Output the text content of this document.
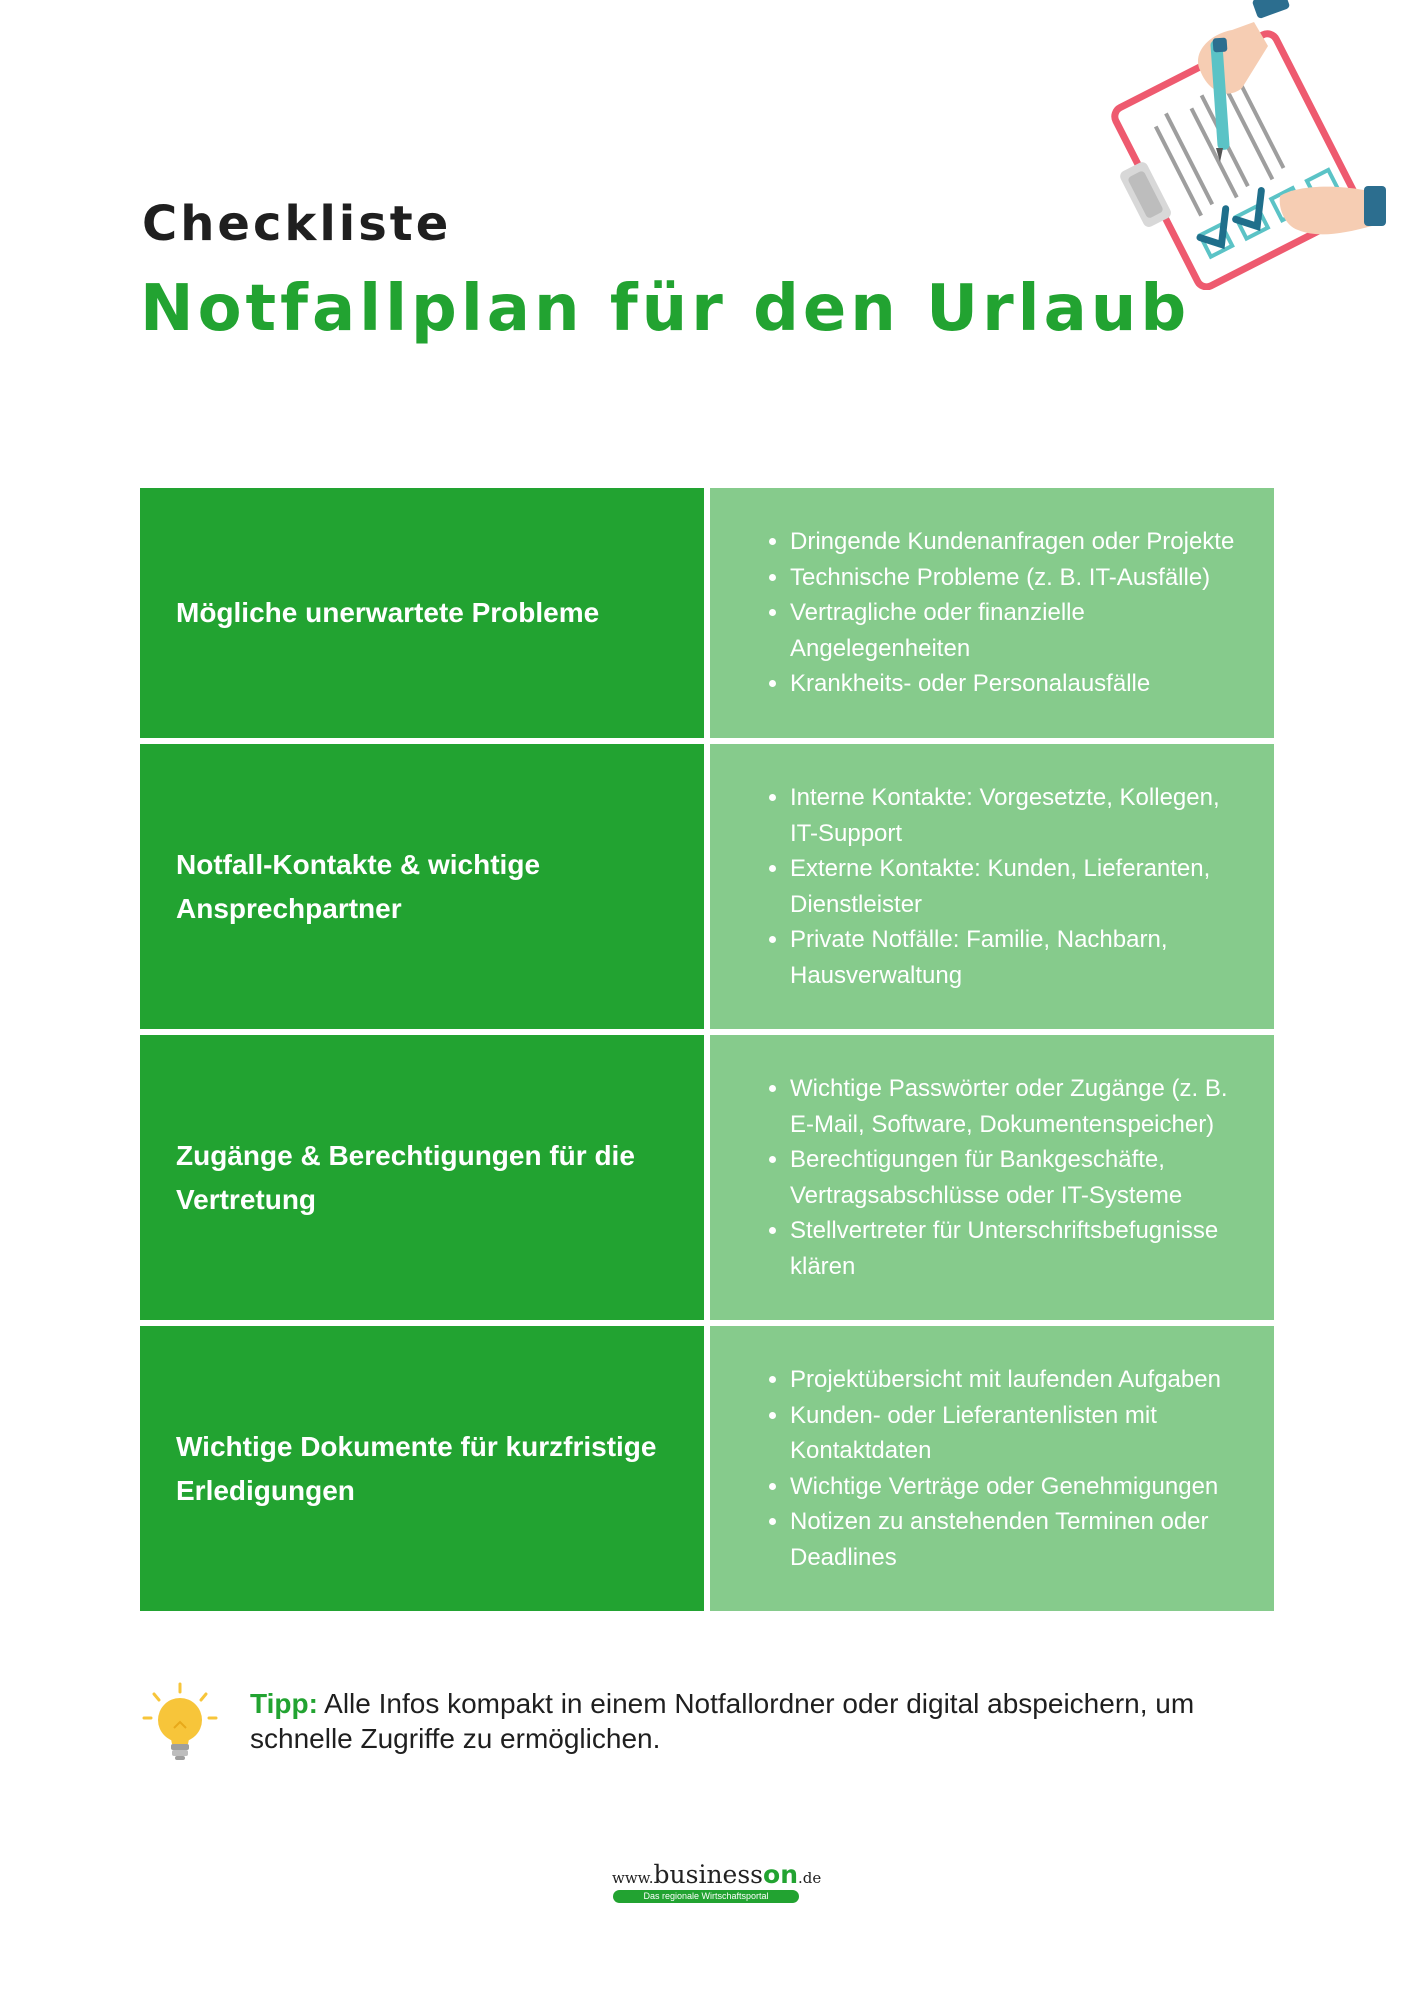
Checkliste
Notfallplan für den Urlaub
Mögliche unerwartete Probleme
• Dringende Kundenanfragen oder Projekte
• Technische Probleme (z. B. IT-Ausfälle)
• Vertragliche oder finanzielle Angelegenheiten
• Krankheits- oder Personalausfälle
Notfall-Kontakte & wichtige Ansprechpartner
• Interne Kontakte: Vorgesetzte, Kollegen, IT-Support
• Externe Kontakte: Kunden, Lieferanten, Dienstleister
• Private Notfälle: Familie, Nachbarn, Hausverwaltung
Zugänge & Berechtigungen für die Vertretung
• Wichtige Passwörter oder Zugänge (z. B. E-Mail, Software, Dokumentenspeicher)
• Berechtigungen für Bankgeschäfte, Vertragsabschlüsse oder IT-Systeme
• Stellvertreter für Unterschriftsbefugnisse klären
Wichtige Dokumente für kurzfristige Erledigungen
• Projektübersicht mit laufenden Aufgaben
• Kunden- oder Lieferantenlisten mit Kontaktdaten
• Wichtige Verträge oder Genehmigungen
• Notizen zu anstehenden Terminen oder Deadlines

Tipp: Alle Infos kompakt in einem Notfallordner oder digital abspeichern, um schnelle Zugriffe zu ermöglichen.

www.businesson.de
Das regionale Wirtschaftsportal
